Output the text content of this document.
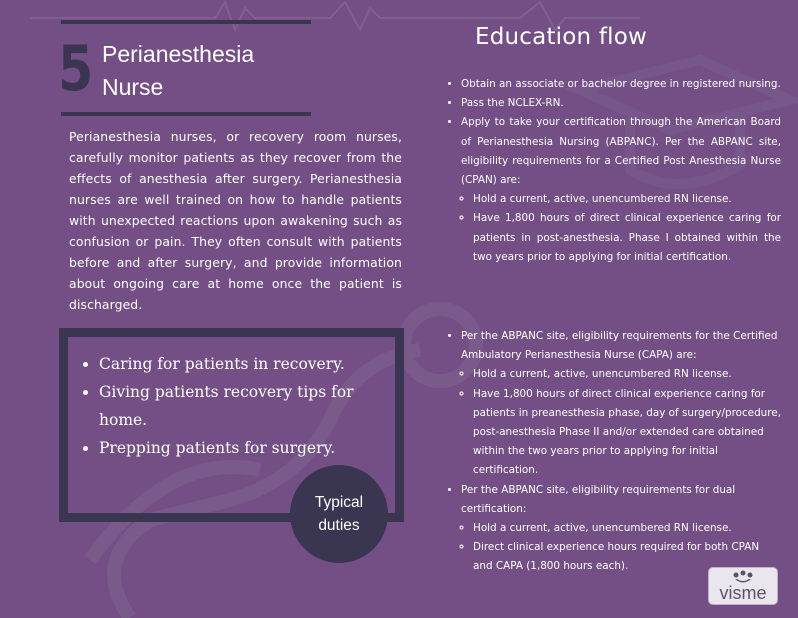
5 Perianesthesia
Nurse

Perianesthesia nurses, or recovery room nurses, carefully monitor patients as they recover from the effects of anesthesia after surgery. Perianesthesia nurses are well trained on how to handle patients with unexpected reactions upon awakening such as confusion or pain. They often consult with patients before and after surgery, and provide information about ongoing care at home once the patient is discharged.

• Caring for patients in recovery.
• Giving patients recovery tips for home.
• Prepping patients for surgery.
Typical
duties
Education flow
• Obtain an associate or bachelor degree in registered nursing.
• Pass the NCLEX-RN.
• Apply to take your certification through the American Board of Perianesthesia Nursing (ABPANC). Per the ABPANC site, eligibility requirements for a Certified Post Anesthesia Nurse (CPAN) are:
◦ Hold a current, active, unencumbered RN license.
◦ Have 1,800 hours of direct clinical experience caring for patients in post-anesthesia. Phase I obtained within the two years prior to applying for initial certification.
• Per the ABPANC site, eligibility requirements for the Certified Ambulatory Perianesthesia Nurse (CAPA) are:
◦ Hold a current, active, unencumbered RN license.
◦ Have 1,800 hours of direct clinical experience caring for patients in preanesthesia phase, day of surgery/procedure, post-anesthesia Phase II and/or extended care obtained within the two years prior to applying for initial certification.
• Per the ABPANC site, eligibility requirements for dual certification:
◦ Hold a current, active, unencumbered RN license.
◦ Direct clinical experience hours required for both CPAN and CAPA (1,800 hours each).
visme
